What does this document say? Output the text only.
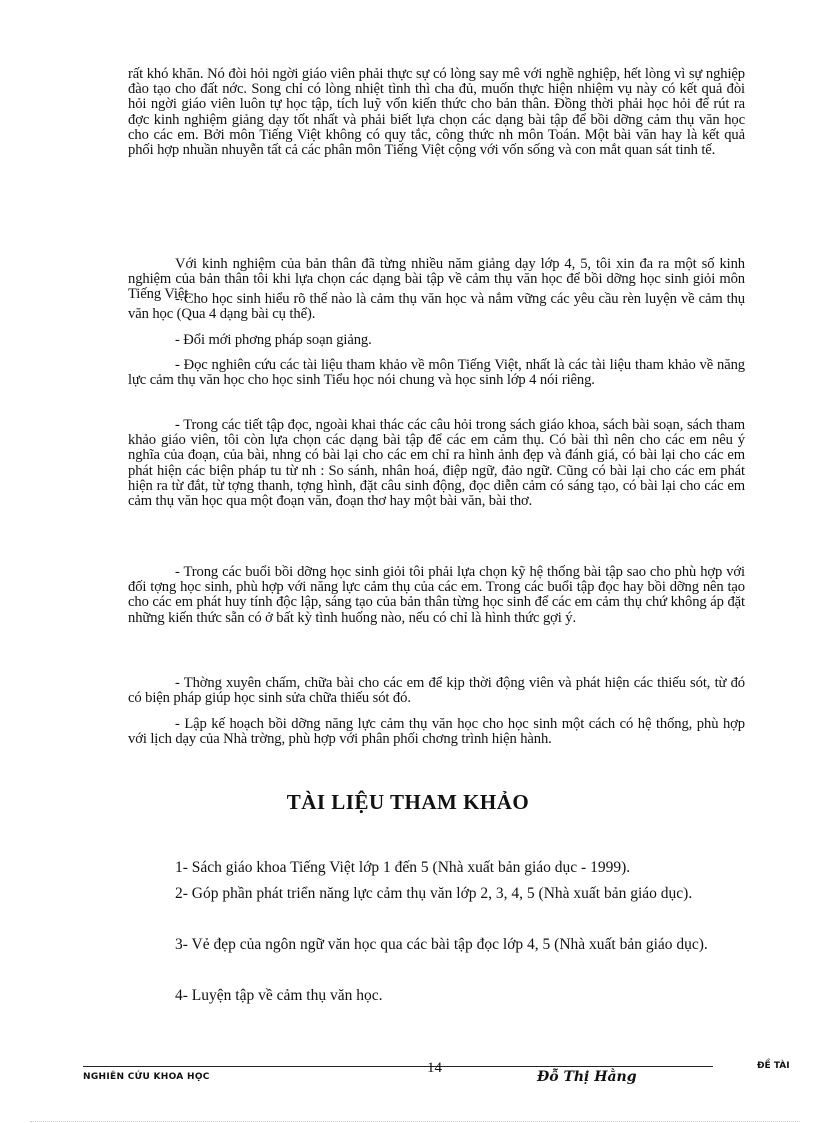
rất khó khăn. Nó đòi hỏi ngời giáo viên phải thực sự có lòng say mê với nghề nghiệp, hết lòng vì sự nghiệp đào tạo cho đất nớc. Song chỉ có lòng nhiệt tình thì cha đủ, muốn thực hiện nhiệm vụ này có kết quả đòi hỏi ngời giáo viên luôn tự học tập, tích luỹ vốn kiến thức cho bản thân. Đồng thời phải học hỏi để rút ra đợc kinh nghiệm giảng dạy tốt nhất và phải biết lựa chọn các dạng bài tập để bồi dỡng cảm thụ văn học cho các em. Bởi môn Tiếng Việt không có quy tắc, công thức nh môn Toán. Một bài văn hay là kết quả phối hợp nhuần nhuyễn tất cả các phân môn Tiếng Việt cộng với vốn sống và con mắt quan sát tinh tế.

Với kinh nghiệm của bản thân đã từng nhiều năm giảng dạy lớp 4, 5, tôi xin đa ra một số kinh nghiệm của bản thân tôi khi lựa chọn các dạng bài tập về cảm thụ văn học để bồi dỡng học sinh giỏi môn Tiếng Việt.

- Cho học sinh hiểu rõ thế nào là cảm thụ văn học và nắm vững các yêu cầu rèn luyện về cảm thụ văn học (Qua 4 dạng bài cụ thể).

- Đổi mới phơng pháp soạn giảng.

- Đọc nghiên cứu các tài liệu tham khảo về môn Tiếng Việt, nhất là các tài liệu tham khảo về năng lực cảm thụ văn học cho học sinh Tiểu học nói chung và học sinh lớp 4 nói riêng.

- Trong các tiết tập đọc, ngoài khai thác các câu hỏi trong sách giáo khoa, sách bài soạn, sách tham khảo giáo viên, tôi còn lựa chọn các dạng bài tập để các em cảm thụ. Có bài thì nên cho các em nêu ý nghĩa của đoạn, của bài, nhng có bài lại cho các em chỉ ra hình ảnh đẹp và đánh giá, có bài lại cho các em phát hiện các biện pháp tu từ nh : So sánh, nhân hoá, điệp ngữ, đảo ngữ. Cũng có bài lại cho các em phát hiện ra từ đắt, từ tợng thanh, tợng hình, đặt câu sinh động, đọc diễn cảm có sáng tạo, có bài lại cho các em cảm thụ văn học qua một đoạn văn, đoạn thơ hay một bài văn, bài thơ.

- Trong các buổi bồi dỡng học sinh giỏi tôi phải lựa chọn kỹ hệ thống bài tập sao cho phù hợp với đối tợng học sinh, phù hợp với năng lực cảm thụ của các em. Trong các buổi tập đọc hay bồi dỡng nên tạo cho các em phát huy tính độc lập, sáng tạo của bản thân từng học sinh để các em cảm thụ chứ không áp đặt những kiến thức sẵn có ở bất kỳ tình huống nào, nếu có chỉ là hình thức gợi ý.

- Thờng xuyên chấm, chữa bài cho các em để kịp thời động viên và phát hiện các thiếu sót, từ đó có biện pháp giúp học sinh sửa chữa thiếu sót đó.

- Lập kế hoạch bồi dỡng năng lực cảm thụ văn học cho học sinh một cách có hệ thống, phù hợp với lịch dạy của Nhà trờng, phù hợp với phân phối chơng trình hiện hành.

TÀI LIỆU THAM KHẢO

1- Sách giáo khoa Tiếng Việt lớp 1 đến 5 (Nhà xuất bản giáo dục - 1999).

2- Góp phần phát triển năng lực cảm thụ văn lớp 2, 3, 4, 5 (Nhà xuất bản giáo dục).

3- Vẻ đẹp của ngôn ngữ văn học qua các bài tập đọc lớp 4, 5 (Nhà xuất bản giáo dục).

4- Luyện tập về cảm thụ văn học.

NGHIÊN CỨU KHOA HỌC
14
Đỗ Thị Hằng
ĐỀ TÀI
